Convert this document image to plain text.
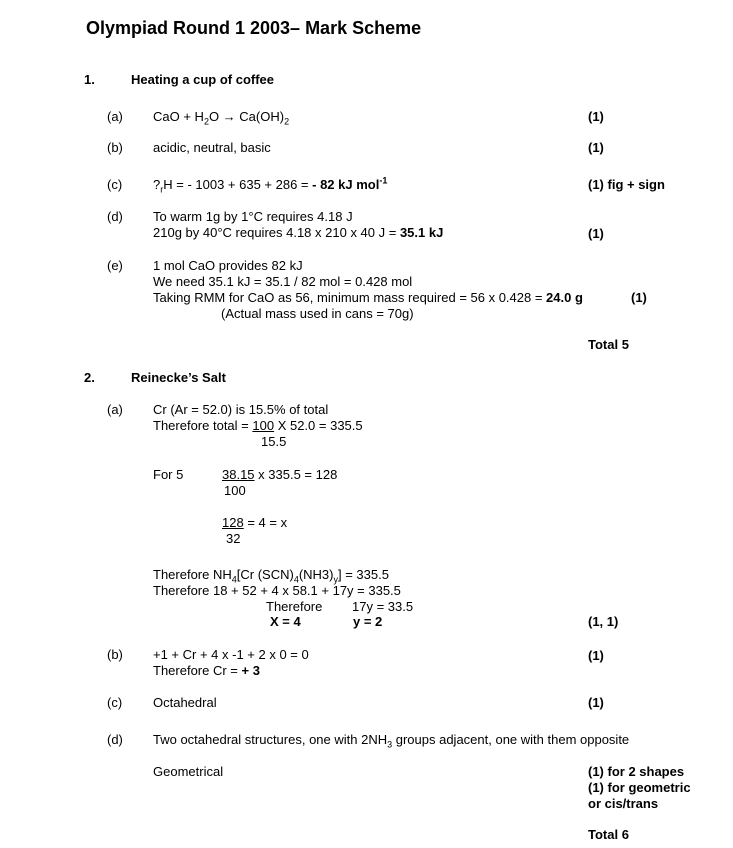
Olympiad Round 1 2003– Mark Scheme
1.	Heating a cup of coffee
(a) CaO + $H_2O \to Ca(OH)_2$	(1)
(b) acidic, neutral, basic	(1)
(c) $?_rH$ = - 1003 + 635 + 286 = - 82 kJ mol$^{-1}$	(1) fig + sign
(d) To warm 1g by 1°C requires 4.18 J
210g by 40°C requires 4.18 x 210 x 40 J = 35.1 kJ	(1)
(e) 1 mol CaO provides 82 kJ
We need 35.1 kJ = 35.1 / 82 mol = 0.428 mol
Taking RMM for CaO as 56, minimum mass required = 56 x 0.428 = 24.0 g	(1)
(Actual mass used in cans = 70g)
Total 5
2.	Reinecke’s Salt
(a) Cr (Ar = 52.0) is 15.5% of total
Therefore total = 100 X 52.0 = 335.5
15.5
For 5	38.15 x 335.5 = 128
100
128 = 4 = x
32
Therefore $NH_4[Cr$ $(SCN)_4(NH3)_y] = 335.5$
Therefore 18 + 52 + 4 x 58.1 + 17y = 335.5
Therefore 17y = 33.5
X = 4	y = 2	(1, 1)
(b) +1 + Cr + 4 x -1 + 2 x 0 = 0
Therefore Cr = + 3
(1)
(c) Octahedral	(1)
(d) Two octahedral structures, one with $2NH_3$ groups adjacent, one with them opposite
Geometrical	(1) for 2 shapes
(1) for geometric
or cis/trans
Total 6
